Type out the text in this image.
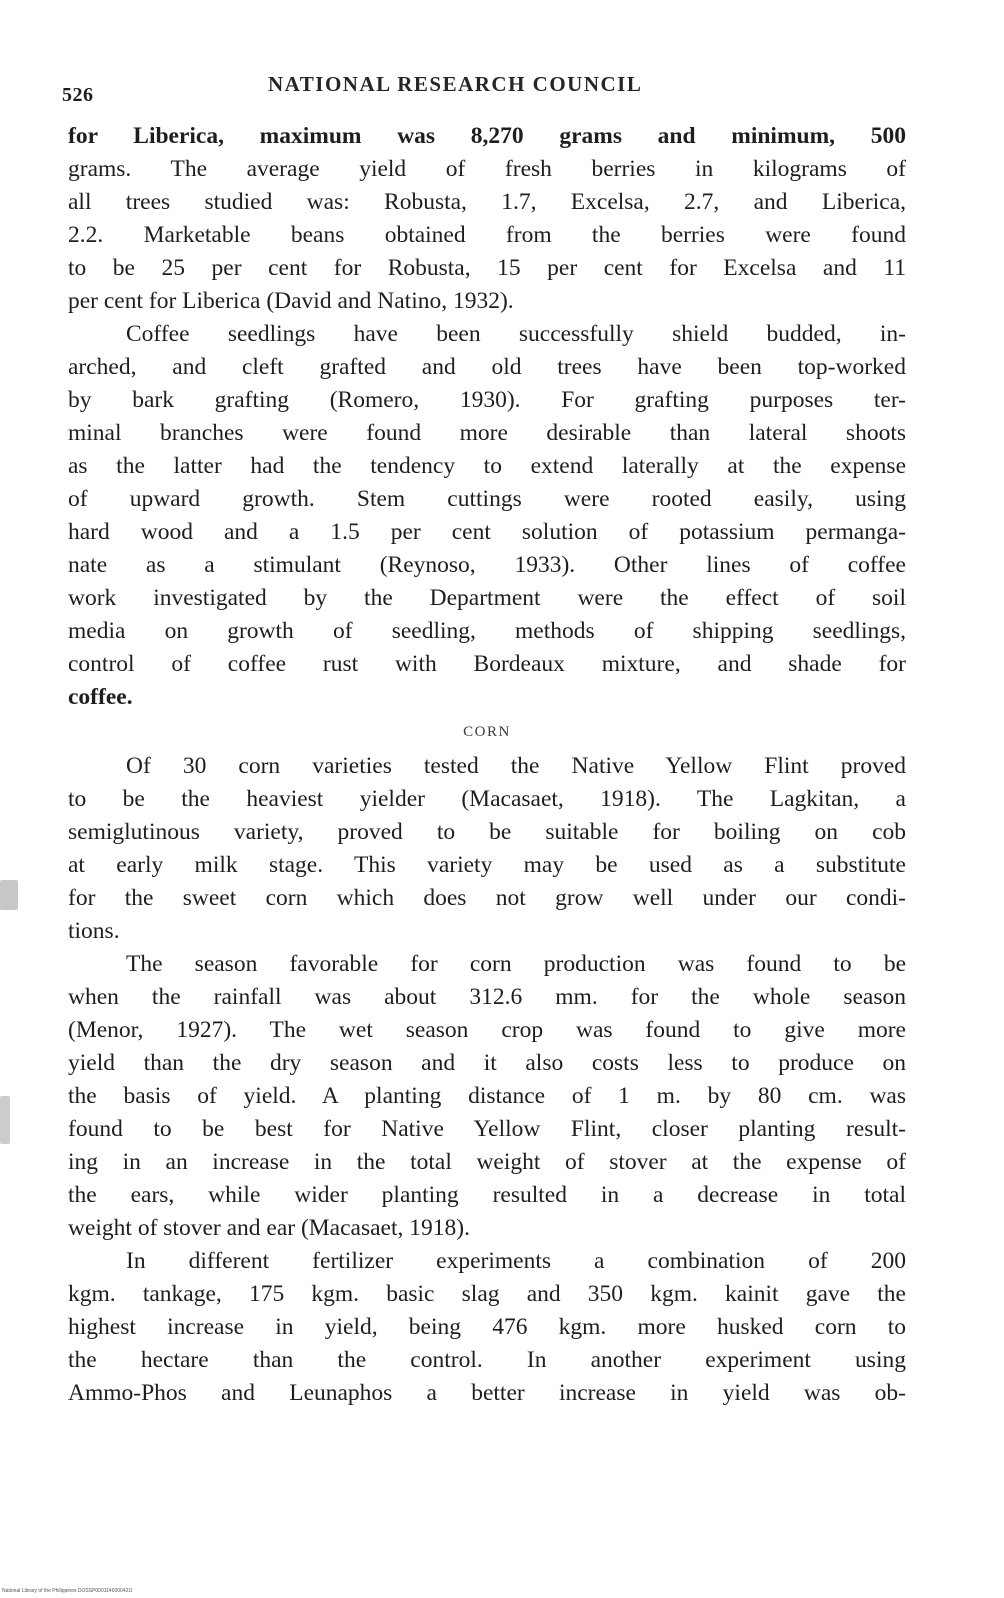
526	NATIONAL RESEARCH COUNCIL
for Liberica, maximum was 8,270 grams and minimum, 500
grams. The average yield of fresh berries in kilograms of
all trees studied was: Robusta, 1.7, Excelsa, 2.7, and Liberica,
2.2. Marketable beans obtained from the berries were found
to be 25 per cent for Robusta, 15 per cent for Excelsa and 11
per cent for Liberica (David and Natino, 1932).
Coffee seedlings have been successfully shield budded, in-
arched, and cleft grafted and old trees have been top-worked
by bark grafting (Romero, 1930). For grafting purposes ter-
minal branches were found more desirable than lateral shoots
as the latter had the tendency to extend laterally at the expense
of upward growth. Stem cuttings were rooted easily, using
hard wood and a 1.5 per cent solution of potassium permanga-
nate as a stimulant (Reynoso, 1933). Other lines of coffee
work investigated by the Department were the effect of soil
media on growth of seedling, methods of shipping seedlings,
control of coffee rust with Bordeaux mixture, and shade for
coffee.
CORN
Of 30 corn varieties tested the Native Yellow Flint proved
to be the heaviest yielder (Macasaet, 1918). The Lagkitan, a
semiglutinous variety, proved to be suitable for boiling on cob
at early milk stage. This variety may be used as a substitute
for the sweet corn which does not grow well under our condi-
tions.
The season favorable for corn production was found to be
when the rainfall was about 312.6 mm. for the whole season
(Menor, 1927). The wet season crop was found to give more
yield than the dry season and it also costs less to produce on
the basis of yield. A planting distance of 1 m. by 80 cm. was
found to be best for Native Yellow Flint, closer planting result-
ing in an increase in the total weight of stover at the expense of
the ears, while wider planting resulted in a decrease in total
weight of stover and ear (Macasaet, 1918).
In different fertilizer experiments a combination of 200
kgm. tankage, 175 kgm. basic slag and 350 kgm. kainit gave the
highest increase in yield, being 476 kgm. more husked corn to
the hectare than the control. In another experiment using
Ammo-Phos and Leunaphos a better increase in yield was ob-
National Library of the Philippines DOSSP0001146000421I
